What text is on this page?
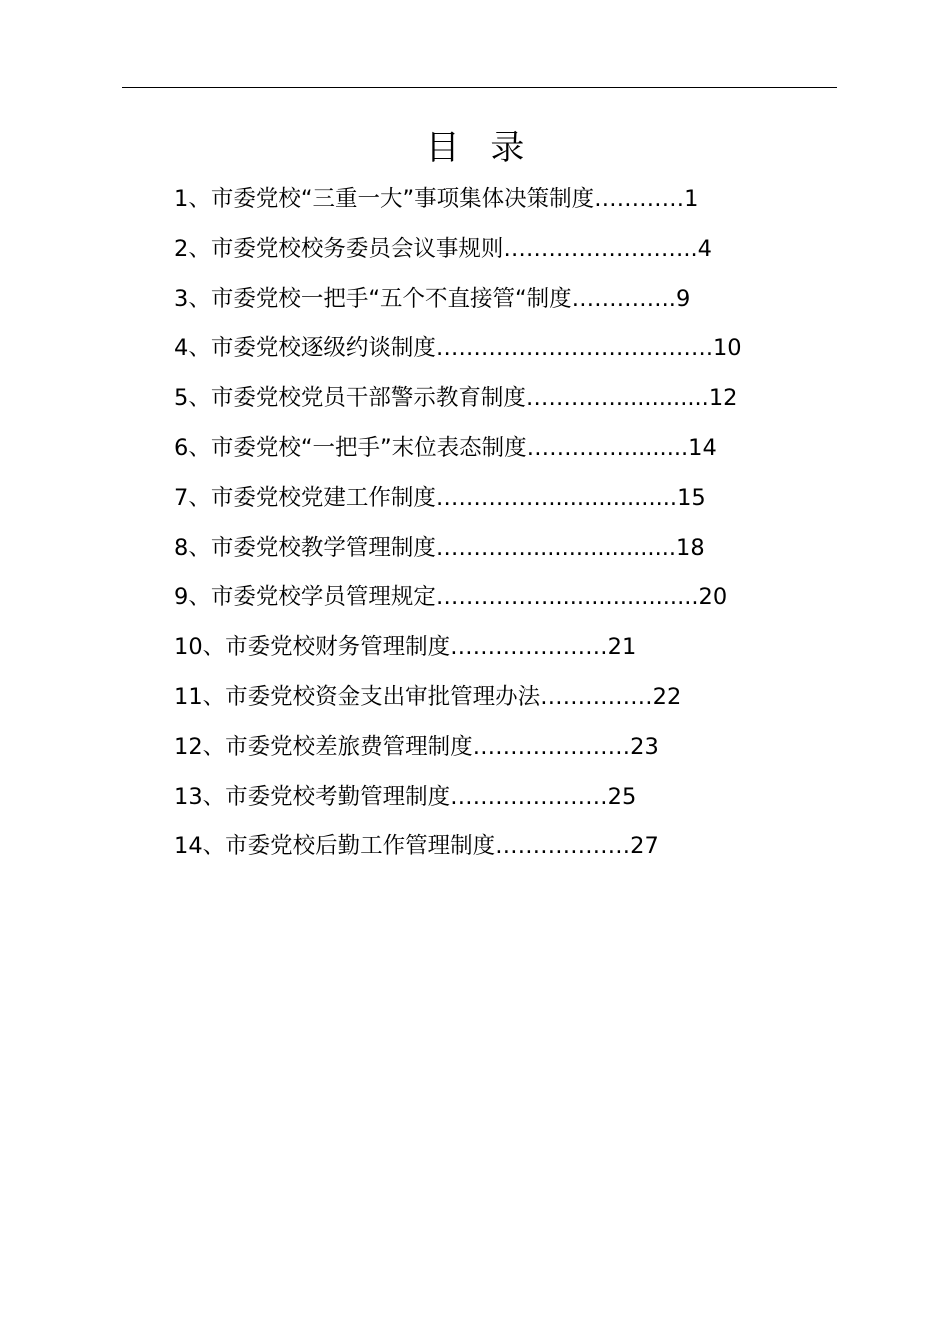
目 录
1、市委党校“三重一大”事项集体决策制度…………1
2、市委党校校务委员会议事规则……………………..4
3、市委党校一把手“五个不直接管“制度…………..9
4、市委党校逐级约谈制度……………………………….10
5、市委党校党员干部警示教育制度………….............12
6、市委党校“一把手”末位表态制度…………..........14
7、市委党校党建工作制度……………..................15
8、市委党校教学管理制度………….....................18
9、市委党校学员管理规定…………….....................20
10、市委党校财务管理制度…………………21
11、市委党校资金支出审批管理办法……………22
12、市委党校差旅费管理制度…………………23
13、市委党校考勤管理制度…………………25
14、市委党校后勤工作管理制度………………27
